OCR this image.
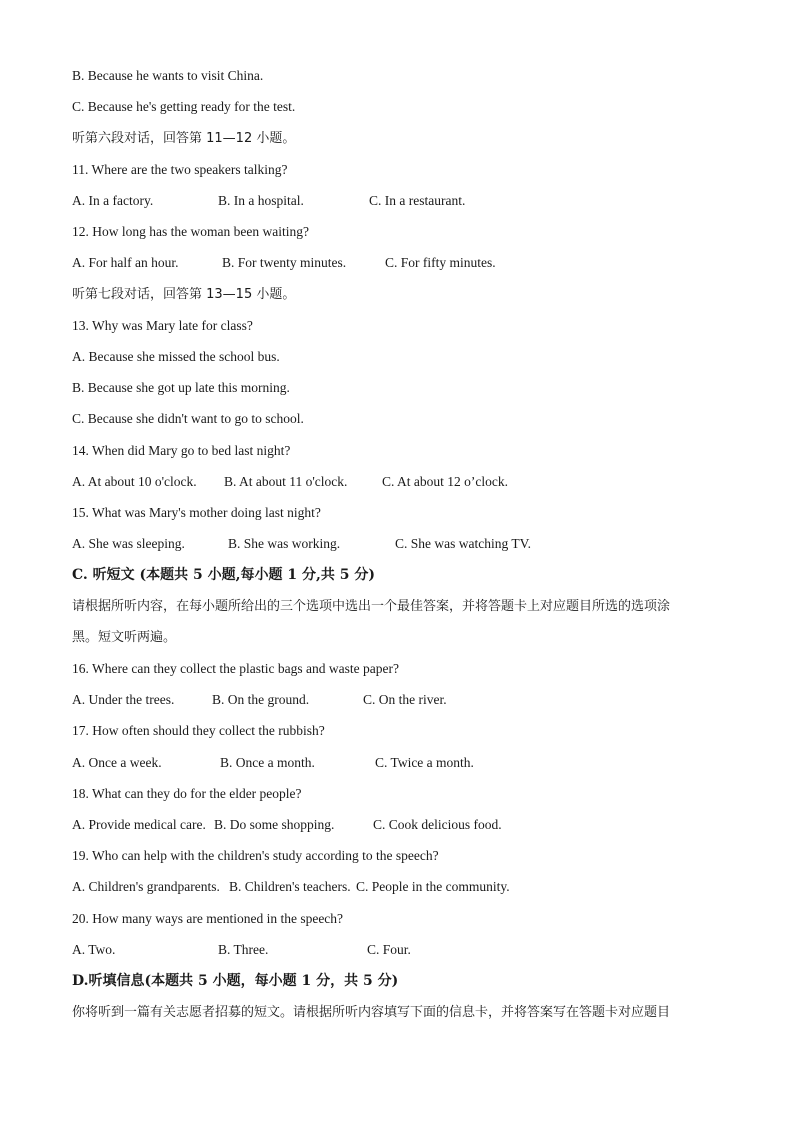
B. Because he wants to visit China.
C. Because he's getting ready for the test.
听第六段对话，回答第 11—12 小题。
11. Where are the two speakers talking?
A. In a factory.	B. In a hospital.	C. In a restaurant.
12. How long has the woman been waiting?
A. For half an hour.	B. For twenty minutes.	C. For fifty minutes.
听第七段对话，回答第 13—15 小题。
13. Why was Mary late for class?
A. Because she missed the school bus.
B. Because she got up late this morning.
C. Because she didn't want to go to school.
14. When did Mary go to bed last night?
A. At about 10 o'clock. B. At about 11 o'clock.	C. At about 12 o’clock.
15. What was Mary's mother doing last night?
A. She was sleeping.	B. She was working.	C. She was watching TV.
C. 听短文 (本题共 5 小题,每小题 1 分,共 5 分)
请根据所听内容，在每小题所给出的三个选项中选出一个最佳答案，并将答题卡上对应题目所选的选项涂
黑。短文听两遍。
16. Where can they collect the plastic bags and waste paper?
A. Under the trees.	B. On the ground.	C. On the river.
17. How often should they collect the rubbish?
A. Once a week.	B. Once a month.	C. Twice a month.
18. What can they do for the elder people?
A. Provide medical care. B. Do some shopping.	C. Cook delicious food.
19. Who can help with the children's study according to the speech?
A. Children's grandparents. B. Children's teachers. C. People in the community.
20. How many ways are mentioned in the speech?
A. Two.	B. Three.	C. Four.
D.听填信息(本题共 5 小题，每小题 1 分，共 5 分)
你将听到一篇有关志愿者招募的短文。请根据所听内容填写下面的信息卡，并将答案写在答题卡对应题目
